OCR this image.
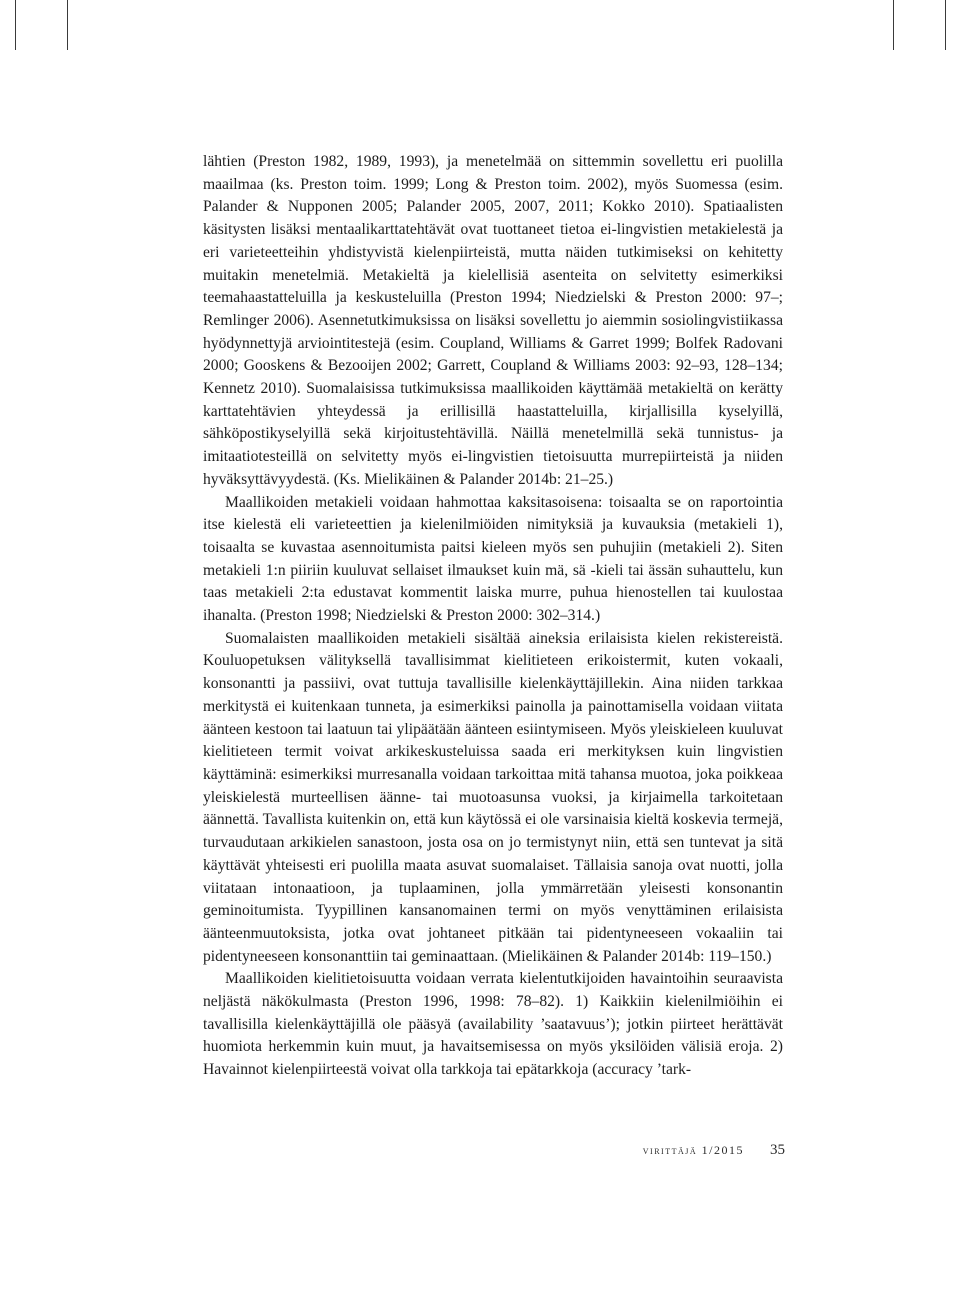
lähtien (Preston 1982, 1989, 1993), ja menetelmää on sittemmin sovellettu eri puolilla maailmaa (ks. Preston toim. 1999; Long & Preston toim. 2002), myös Suomessa (esim. Palander & Nupponen 2005; Palander 2005, 2007, 2011; Kokko 2010). Spatiaalisten käsitysten lisäksi mentaalikarttatehtävät ovat tuottaneet tietoa ei-lingvistien metakielestä ja eri varieteetteihin yhdistyvistä kielenpiirteistä, mutta näiden tutkimiseksi on kehitetty muitakin menetelmiä. Metakieltä ja kielellisiä asenteita on selvitetty esimerkiksi teemahaastatteluilla ja keskusteluilla (Preston 1994; Niedzielski & Preston 2000: 97–; Remlinger 2006). Asennetutkimuksissa on lisäksi sovellettu jo aiemmin sosiolingvistiikassa hyödynnettyjä arviointitestejä (esim. Coupland, Williams & Garret 1999; Bolfek Radovani 2000; Gooskens & Bezooijen 2002; Garrett, Coupland & Williams 2003: 92–93, 128–134; Kennetz 2010). Suomalaisissa tutkimuksissa maallikoiden käyttämää metakieltä on kerätty karttatehtävien yhteydessä ja erillisillä haastatteluilla, kirjallisilla kyselyillä, sähköpostikyselyillä sekä kirjoitustehtävillä. Näillä menetelmillä sekä tunnistus- ja imitaatiotesteillä on selvitetty myös ei-lingvistien tietoisuutta murrepiirteistä ja niiden hyväksyttävyydestä. (Ks. Mielikäinen & Palander 2014b: 21–25.)

Maallikoiden metakieli voidaan hahmottaa kaksitasoisena: toisaalta se on raportointia itse kielestä eli varieteettien ja kielenilmiöiden nimityksiä ja kuvauksia (metakieli 1), toisaalta se kuvastaa asennoitumista paitsi kieleen myös sen puhujiin (metakieli 2). Siten metakieli 1:n piiriin kuuluvat sellaiset ilmaukset kuin mä, sä -kieli tai ässän suhauttelu, kun taas metakieli 2:ta edustavat kommentit laiska murre, puhua hienostellen tai kuulostaa ihanalta. (Preston 1998; Niedzielski & Preston 2000: 302–314.)

Suomalaisten maallikoiden metakieli sisältää aineksia erilaisista kielen rekistereistä. Kouluopetuksen välityksellä tavallisimmat kielitieteen erikoistermit, kuten vokaali, konsonantti ja passiivi, ovat tuttuja tavallisille kielenkäyttäjillekin. Aina niiden tarkkaa merkitystä ei kuitenkaan tunneta, ja esimerkiksi painolla ja painottamisella voidaan viitata äänteen kestoon tai laatuun tai ylipäätään äänteen esiintymiseen. Myös yleiskieleen kuuluvat kielitieteen termit voivat arkikeskusteluissa saada eri merkityksen kuin lingvistien käyttäminä: esimerkiksi murresanalla voidaan tarkoittaa mitä tahansa muotoa, joka poikkeaa yleiskielestä murteellisen äänne- tai muotoasunsa vuoksi, ja kirjaimella tarkoitetaan äännettä. Tavallista kuitenkin on, että kun käytössä ei ole varsinaisia kieltä koskevia termejä, turvaudutaan arkikielen sanastoon, josta osa on jo termistynyt niin, että sen tuntevat ja sitä käyttävät yhteisesti eri puolilla maata asuvat suomalaiset. Tällaisia sanoja ovat nuotti, jolla viitataan intonaatioon, ja tuplaaminen, jolla ymmärretään yleisesti konsonantin geminoitumista. Tyypillinen kansanomainen termi on myös venyttäminen erilaisista äänteenmuutoksista, jotka ovat johtaneet pitkään tai pidentyneeseen vokaaliin tai pidentyneeseen konsonanttiin tai geminaattaan. (Mielikäinen & Palander 2014b: 119–150.)

Maallikoiden kielitietoisuutta voidaan verrata kielentutkijoiden havaintoihin seuraavista neljästä näkökulmasta (Preston 1996, 1998: 78–82). 1) Kaikkiin kielenilmiöihin ei tavallisilla kielenkäyttäjillä ole pääsyä (availability ’saatavuus’); jotkin piirteet herättävät huomiota herkemmin kuin muut, ja havaitsemisessa on myös yksilöiden välisiä eroja. 2) Havainnot kielenpiirteestä voivat olla tarkkoja tai epätarkkoja (accuracy ’tark-

virittäjä 1/2015 35
